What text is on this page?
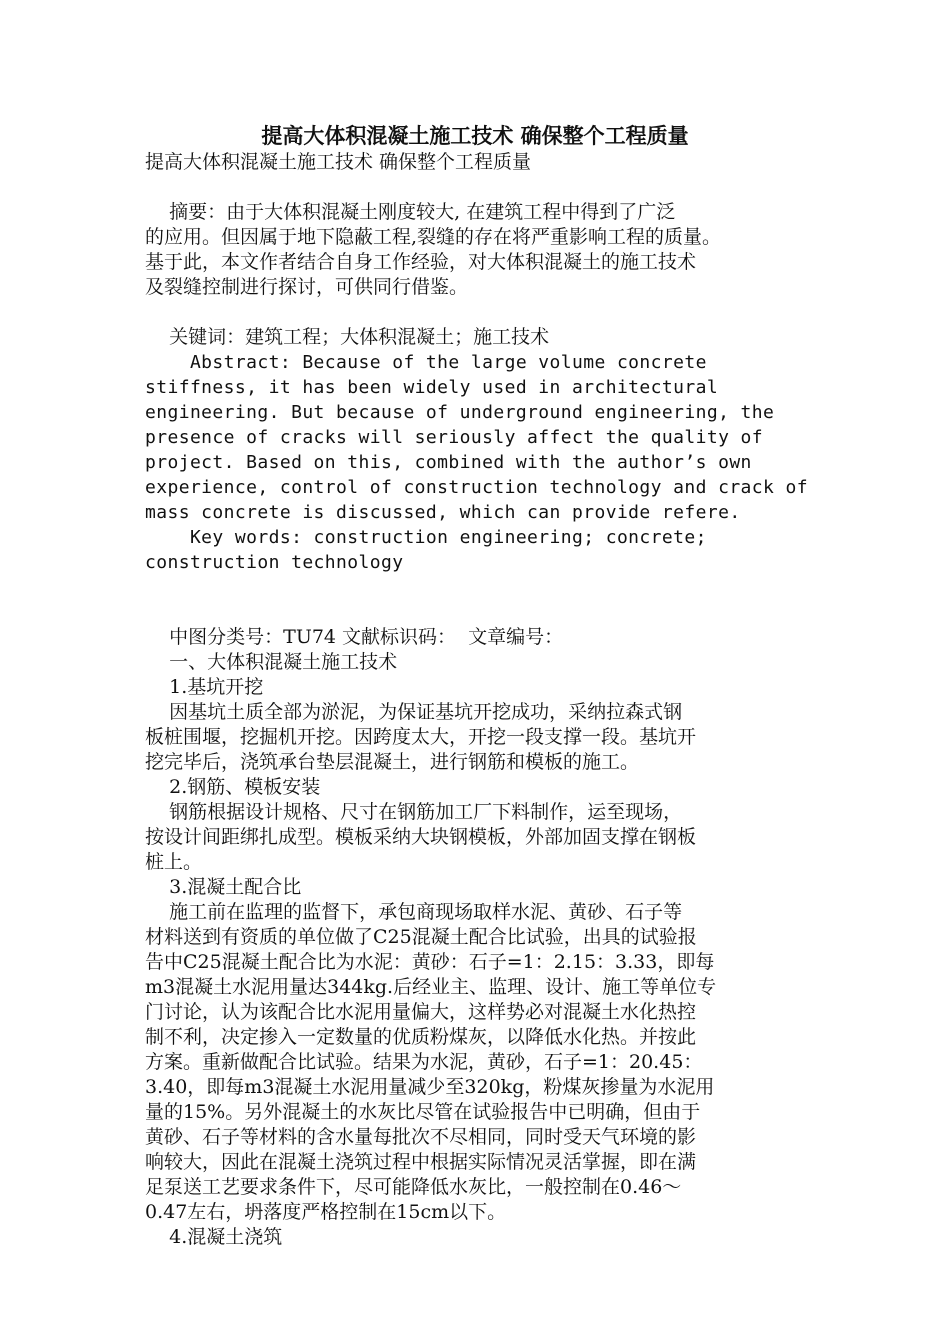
提高大体积混凝土施工技术 确保整个工程质量
提高大体积混凝土施工技术 确保整个工程质量
摘要：由于大体积混凝土刚度较大, 在建筑工程中得到了广泛
的应用。但因属于地下隐蔽工程,裂缝的存在将严重影响工程的质量。
基于此，本文作者结合自身工作经验，对大体积混凝土的施工技术
及裂缝控制进行探讨，可供同行借鉴。
关键词：建筑工程；大体积混凝土；施工技术
Abstract: Because of the large volume concrete
stiffness, it has been widely used in architectural
engineering. But because of underground engineering, the
presence of cracks will seriously affect the quality of
project. Based on this, combined with the author’s own
experience, control of construction technology and crack of
mass concrete is discussed, which can provide refere.
Key words: construction engineering; concrete;
construction technology
中图分类号：TU74 文献标识码：  文章编号：
一、大体积混凝土施工技术
1.基坑开挖
因基坑土质全部为淤泥，为保证基坑开挖成功，采纳拉森式钢
板桩围堰，挖掘机开挖。因跨度太大，开挖一段支撑一段。基坑开
挖完毕后，浇筑承台垫层混凝土，进行钢筋和模板的施工。
2.钢筋、模板安装
钢筋根据设计规格、尺寸在钢筋加工厂下料制作，运至现场，
按设计间距绑扎成型。模板采纳大块钢模板，外部加固支撑在钢板
桩上。
3.混凝土配合比
施工前在监理的监督下，承包商现场取样水泥、黄砂、石子等
材料送到有资质的单位做了C25混凝土配合比试验，出具的试验报
告中C25混凝土配合比为水泥：黄砂：石子=1：2.15：3.33，即每
m3混凝土水泥用量达344kg.后经业主、监理、设计、施工等单位专
门讨论，认为该配合比水泥用量偏大，这样势必对混凝土水化热控
制不利，决定掺入一定数量的优质粉煤灰，以降低水化热。并按此
方案。重新做配合比试验。结果为水泥，黄砂，石子=1：20.45：
3.40，即每m3混凝土水泥用量减少至320kg，粉煤灰掺量为水泥用
量的15%。另外混凝土的水灰比尽管在试验报告中已明确，但由于
黄砂、石子等材料的含水量每批次不尽相同，同时受天气环境的影
响较大，因此在混凝土浇筑过程中根据实际情况灵活掌握，即在满
足泵送工艺要求条件下，尽可能降低水灰比，一般控制在0.46～
0.47左右，坍落度严格控制在15cm以下。
4.混凝土浇筑
